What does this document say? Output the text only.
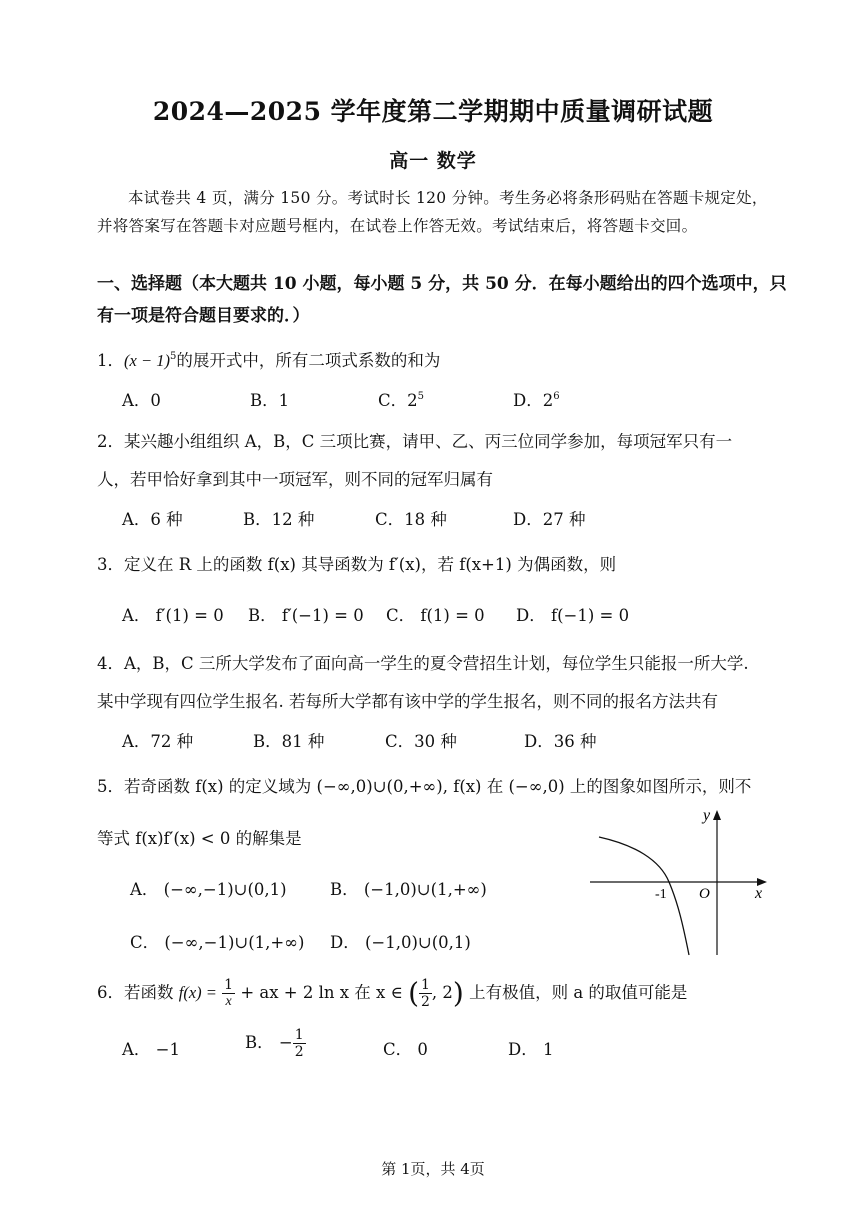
2024—2025 学年度第二学期期中质量调研试题
高一 数学
本试卷共 4 页，满分 150 分。考试时长 120 分钟。考生务必将条形码贴在答题卡规定处，并将答案写在答题卡对应题号框内，在试卷上作答无效。考试结束后，将答题卡交回。
一、选择题（本大题共 10 小题，每小题 5 分，共 50 分．在每小题给出的四个选项中，只有一项是符合题目要求的．）
1．$(x - 1)^5$的展开式中，所有二项式系数的和为
A．0	B．1	C．$2^5$	D．$2^6$
2．某兴趣小组组织 A，B，C 三项比赛，请甲、乙、丙三位同学参加，每项冠军只有一
人，若甲恰好拿到其中一项冠军，则不同的冠军归属有
A．6 种	B．12 种	C．18 种	D．27 种
3．定义在 R 上的函数 f(x) 其导函数为 f′(x)，若 f(x+1) 为偶函数，则
A． f′(1) = 0 B． f′(−1) = 0 C． f(1) = 0 D． f(−1) = 0
4．A，B，C 三所大学发布了面向高一学生的夏令营招生计划，每位学生只能报一所大学.
某中学现有四位学生报名. 若每所大学都有该中学的学生报名，则不同的报名方法共有
A．72 种	B．81 种	C．30 种	D．36 种
5．若奇函数 f(x) 的定义域为 (−∞,0)∪(0,+∞), f(x) 在 (−∞,0) 上的图象如图所示，则不
等式 f(x)f′(x) < 0 的解集是
A． (−∞,−1)∪(0,1)	B． (−1,0)∪(1,+∞)
C． (−∞,−1)∪(1,+∞) D． (−1,0)∪(0,1)
y
x
O
-1
6．若函数 $f(x) = \frac{1}{x}$ + ax + 2 ln x 在 x ∈ ( $\frac{1}{2}$ , 2) 上有极值，则 a 的取值可能是
A． −1	B． − $\frac{1}{2}$	C． 0	D． 1
第 1页，共 4页
